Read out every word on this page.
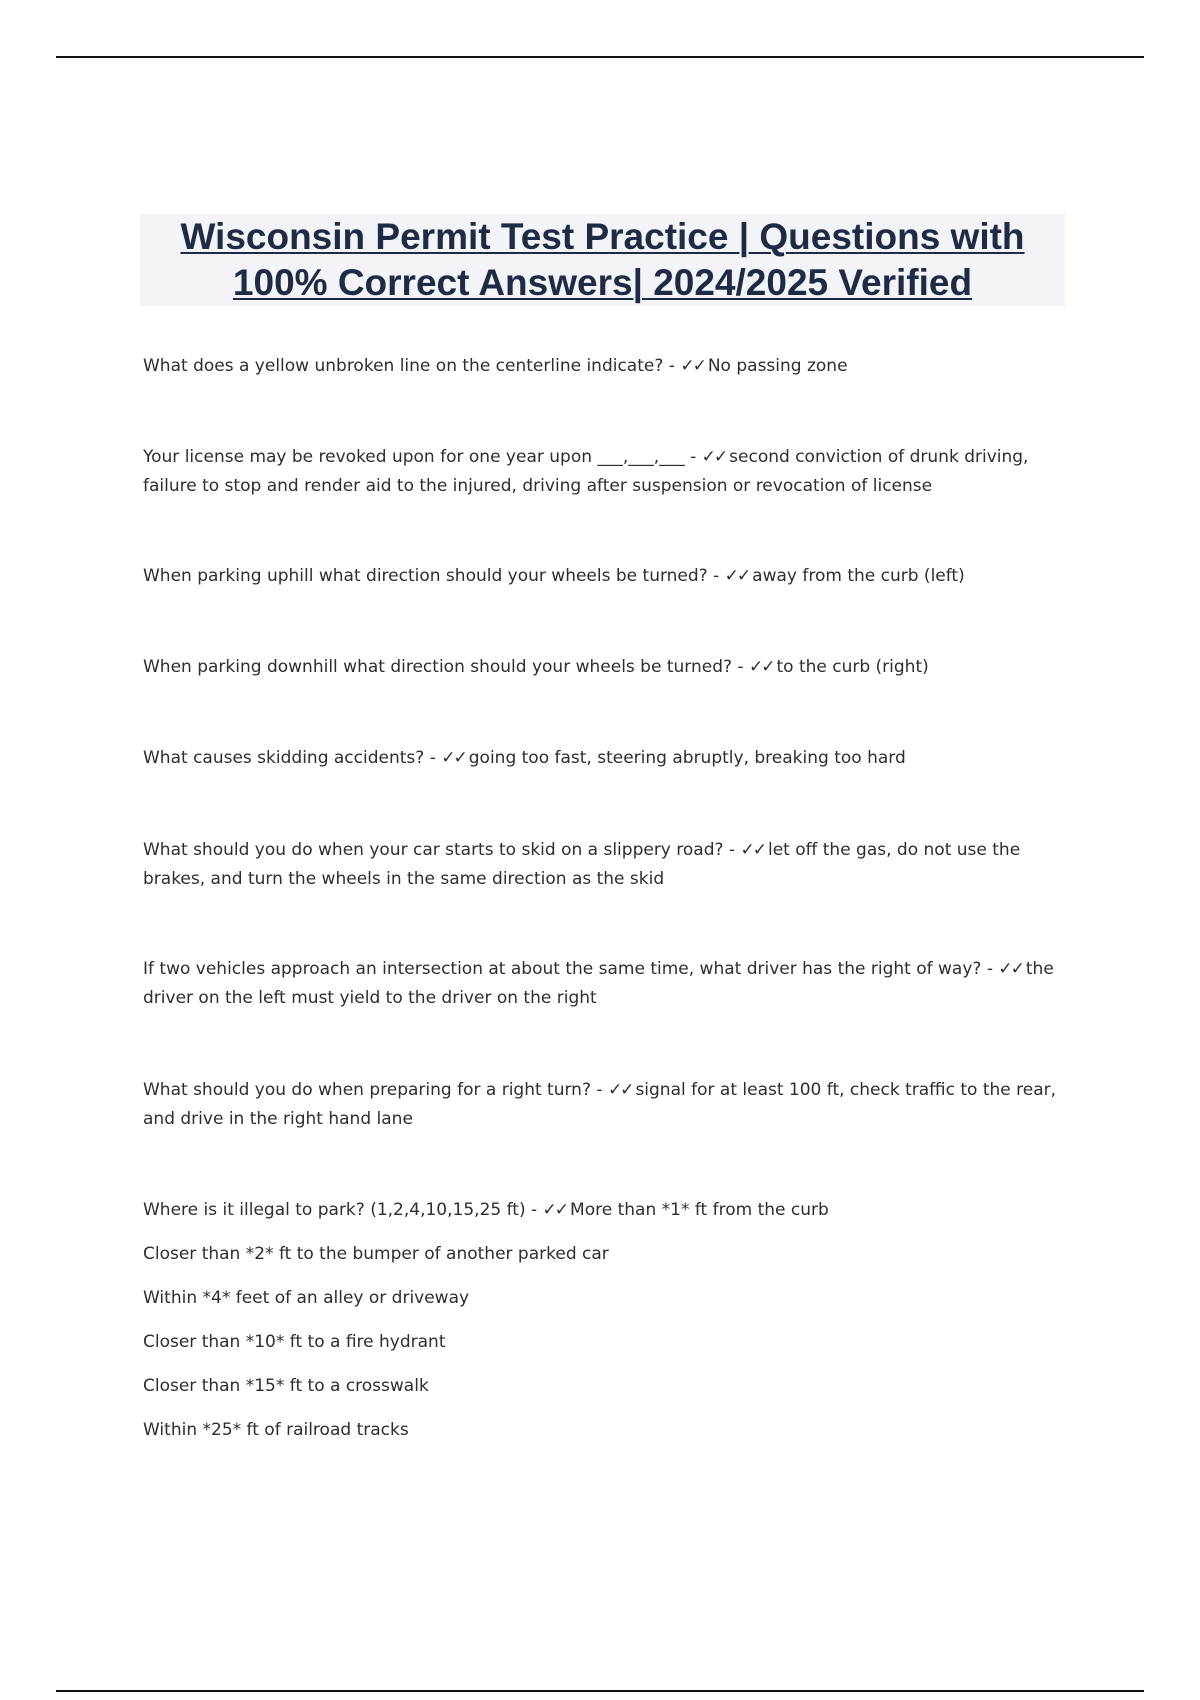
Wisconsin Permit Test Practice | Questions with
100% Correct Answers| 2024/2025 Verified
What does a yellow unbroken line on the centerline indicate? - ✓✓ No passing zone
Your license may be revoked upon for one year upon ___,___,___ - ✓✓ second conviction of drunk driving, failure to stop and render aid to the injured, driving after suspension or revocation of license
When parking uphill what direction should your wheels be turned? - ✓✓ away from the curb (left)
When parking downhill what direction should your wheels be turned? - ✓✓ to the curb (right)
What causes skidding accidents? - ✓✓ going too fast, steering abruptly, breaking too hard
What should you do when your car starts to skid on a slippery road? - ✓✓ let off the gas, do not use the brakes, and turn the wheels in the same direction as the skid
If two vehicles approach an intersection at about the same time, what driver has the right of way? - ✓✓ the driver on the left must yield to the driver on the right
What should you do when preparing for a right turn? - ✓✓ signal for at least 100 ft, check traffic to the rear, and drive in the right hand lane
Where is it illegal to park? (1,2,4,10,15,25 ft) - ✓✓ More than *1* ft from the curb
Closer than *2* ft to the bumper of another parked car
Within *4* feet of an alley or driveway
Closer than *10* ft to a fire hydrant
Closer than *15* ft to a crosswalk
Within *25* ft of railroad tracks
